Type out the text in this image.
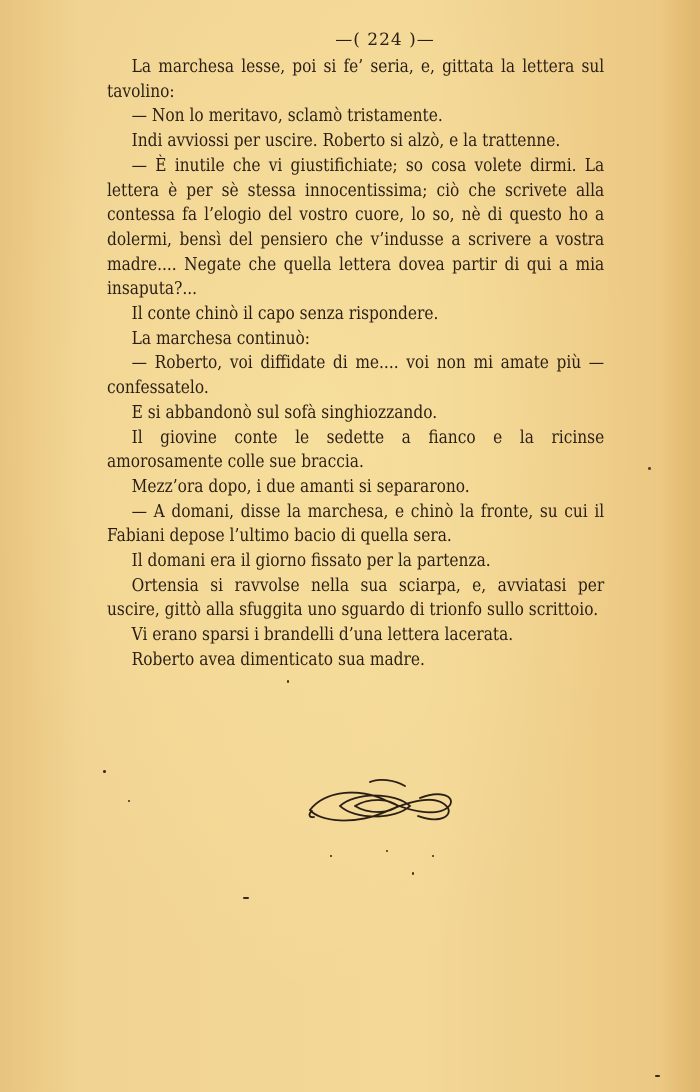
—( 224 )—

La marchesa lesse, poi si fe’ seria, e, gittata la lettera sul tavolino:

— Non lo meritavo, sclamò tristamente.

Indi avviossi per uscire. Roberto si alzò, e la trattenne.

— È inutile che vi giustifichiate; so cosa volete dirmi. La lettera è per sè stessa innocentissima; ciò che scrivete alla contessa fa l’elogio del vostro cuore, lo so, nè di questo ho a dolermi, bensì del pensiero che v’indusse a scrivere a vostra madre.... Negate che quella lettera dovea partir di qui a mia insaputa?...

Il conte chinò il capo senza rispondere.

La marchesa continuò:

— Roberto, voi diffidate di me.... voi non mi amate più — confessatelo.

E si abbandonò sul sofà singhiozzando.

Il giovine conte le sedette a fianco e la ricinse amorosamente colle sue braccia.

Mezz’ora dopo, i due amanti si separarono.

— A domani, disse la marchesa, e chinò la fronte, su cui il Fabiani depose l’ultimo bacio di quella sera.

Il domani era il giorno fissato per la partenza.

Ortensia si ravvolse nella sua sciarpa, e, avviatasi per uscire, gittò alla sfuggita uno sguardo di trionfo sullo scrittoio.

Vi erano sparsi i brandelli d’una lettera lacerata.

Roberto avea dimenticato sua madre.
